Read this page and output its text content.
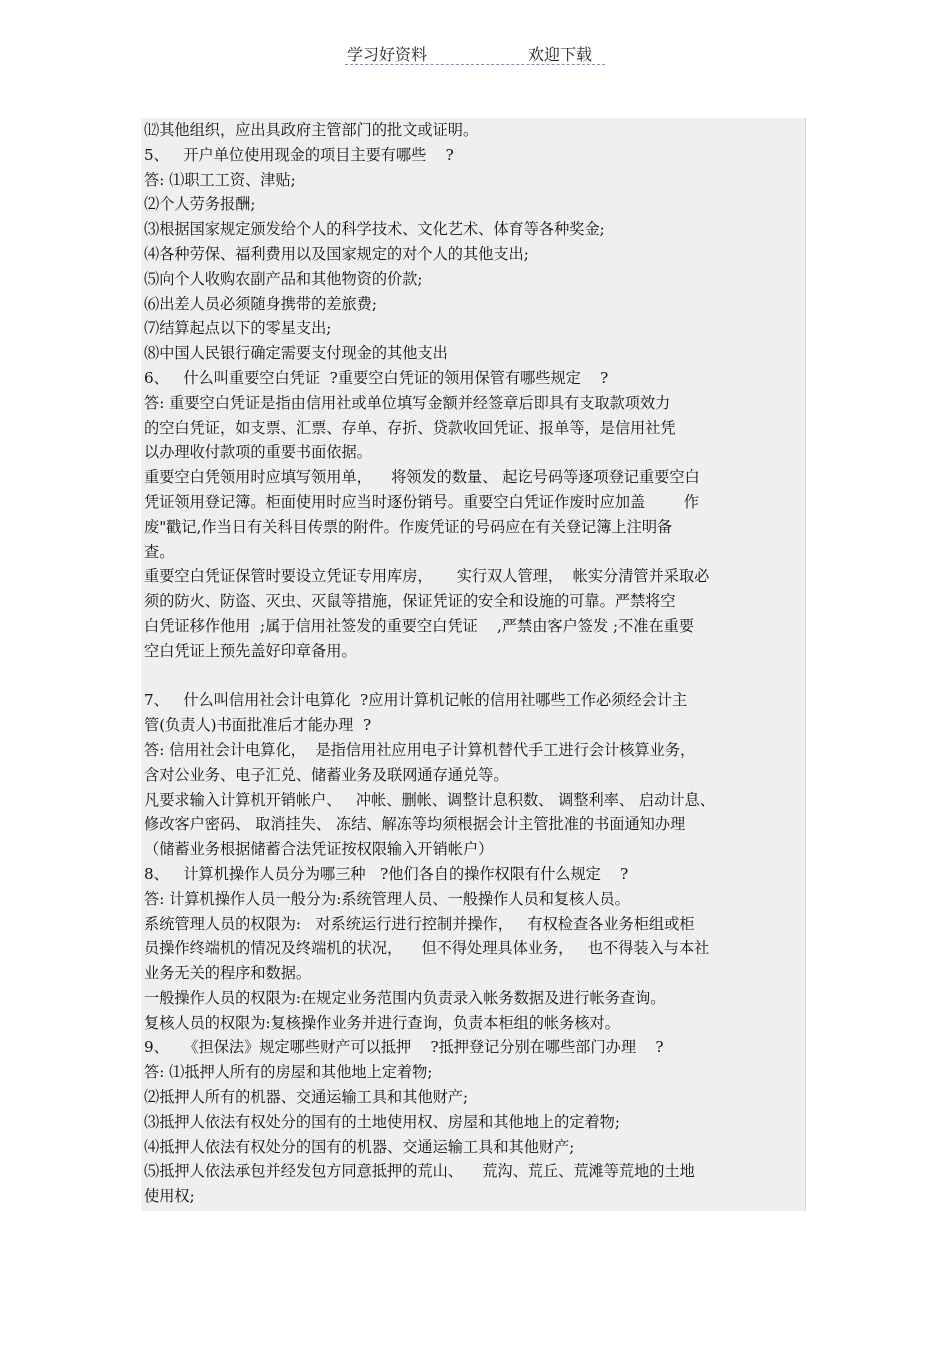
学习好资料	欢迎下载
⑿其他组织，应出具政府主管部门的批文或证明。
5、   开户单位使用现金的项目主要有哪些    ?
答: ⑴职工工资、津贴;
⑵个人劳务报酬;
⑶根据国家规定颁发给个人的科学技术、文化艺术、体育等各种奖金;
⑷各种劳保、福利费用以及国家规定的对个人的其他支出;
⑸向个人收购农副产品和其他物资的价款;
⑹出差人员必须随身携带的差旅费;
⑺结算起点以下的零星支出;
⑻中国人民银行确定需要支付现金的其他支出
6、   什么叫重要空白凭证  ?重要空白凭证的领用保管有哪些规定    ?
答: 重要空白凭证是指由信用社或单位填写金额并经签章后即具有支取款项效力
的空白凭证，如支票、汇票、存单、存折、贷款收回凭证、报单等，是信用社凭
以办理收付款项的重要书面依据。
重要空白凭领用时应填写领用单，    将领发的数量、 起讫号码等逐项登记重要空白
凭证领用登记簿。柜面使用时应当时逐份销号。重要空白凭证作废时应加盖        作
废"戳记,作当日有关科目传票的附件。作废凭证的号码应在有关登记簿上注明备
查。
重要空白凭证保管时要设立凭证专用库房，     实行双人管理，  帐实分清管并采取必
须的防火、防盗、灭虫、灭鼠等措施，保证凭证的安全和设施的可靠。严禁将空
白凭证移作他用  ;属于信用社签发的重要空白凭证    ,严禁由客户签发 ;不准在重要
空白凭证上预先盖好印章备用。
7、   什么叫信用社会计电算化  ?应用计算机记帐的信用社哪些工作必须经会计主
管(负责人)书面批准后才能办理  ?
答: 信用社会计电算化，  是指信用社应用电子计算机替代手工进行会计核算业务，
含对公业务、电子汇兑、储蓄业务及联网通存通兑等。
凡要求输入计算机开销帐户、   冲帐、删帐、调整计息积数、 调整利率、 启动计息、
修改客户密码、 取消挂失、 冻结、解冻等均须根据会计主管批准的书面通知办理
（储蓄业务根据储蓄合法凭证按权限输入开销帐户）
8、   计算机操作人员分为哪三种   ?他们各自的操作权限有什么规定    ?
答: 计算机操作人员一般分为:系统管理人员、一般操作人员和复核人员。
系统管理人员的权限为:   对系统运行进行控制并操作，   有权检查各业务柜组或柜
员操作终端机的情况及终端机的状况，    但不得处理具体业务，   也不得装入与本社
业务无关的程序和数据。
一般操作人员的权限为:在规定业务范围内负责录入帐务数据及进行帐务查询。
复核人员的权限为:复核操作业务并进行查询，负责本柜组的帐务核对。
9、   《担保法》规定哪些财产可以抵押    ?抵押登记分别在哪些部门办理    ?
答: ⑴抵押人所有的房屋和其他地上定着物;
⑵抵押人所有的机器、交通运输工具和其他财产;
⑶抵押人依法有权处分的国有的土地使用权、房屋和其他地上的定着物;
⑷抵押人依法有权处分的国有的机器、交通运输工具和其他财产;
⑸抵押人依法承包并经发包方同意抵押的荒山、    荒沟、荒丘、荒滩等荒地的土地
使用权;
